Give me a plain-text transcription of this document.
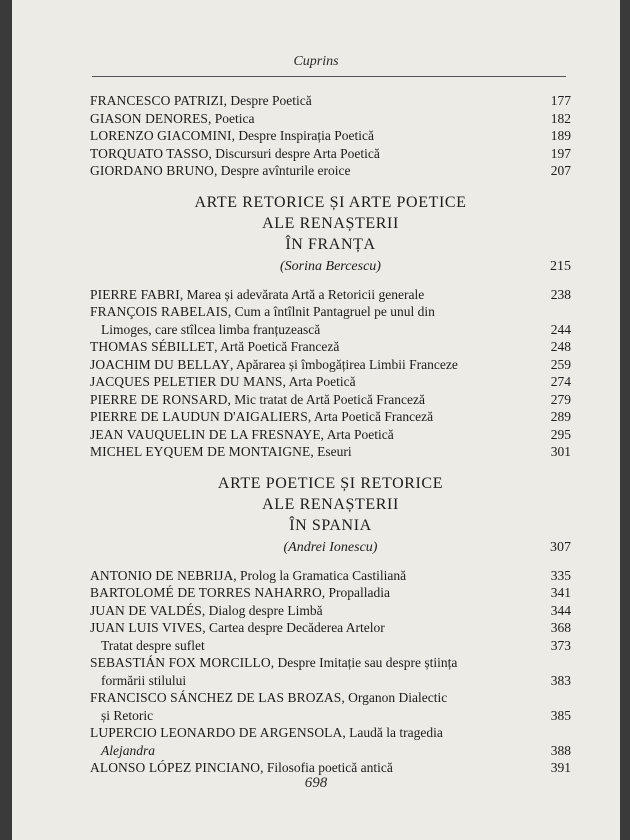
Cuprins
FRANCESCO PATRIZI, Despre Poetică	177
GIASON DENORES, Poetica	182
LORENZO GIACOMINI, Despre Inspirația Poetică	189
TORQUATO TASSO, Discursuri despre Arta Poetică	197
GIORDANO BRUNO, Despre avînturile eroice	207
ARTE RETORICE ȘI ARTE POETICE
ALE RENAȘTERII
ÎN FRANȚA
(Sorina Bercescu)	215
PIERRE FABRI, Marea și adevărata Artă a Retoricii generale	238
FRANÇOIS RABELAIS, Cum a întîlnit Pantagruel pe unul din
Limoges, care stîlcea limba franțuzească	244
THOMAS SÉBILLET, Artă Poetică Franceză	248
JOACHIM DU BELLAY, Apărarea și îmbogățirea Limbii Franceze	259
JACQUES PELETIER DU MANS, Arta Poetică	274
PIERRE DE RONSARD, Mic tratat de Artă Poetică Franceză	279
PIERRE DE LAUDUN D'AIGALIERS, Arta Poetică Franceză	289
JEAN VAUQUELIN DE LA FRESNAYE, Arta Poetică	295
MICHEL EYQUEM DE MONTAIGNE, Eseuri	301
ARTE POETICE ȘI RETORICE
ALE RENAȘTERII
ÎN SPANIA
(Andrei Ionescu)	307
ANTONIO DE NEBRIJA, Prolog la Gramatica Castiliană	335
BARTOLOMÉ DE TORRES NAHARRO, Propalladia	341
JUAN DE VALDÉS, Dialog despre Limbă	344
JUAN LUIS VIVES, Cartea despre Decăderea Artelor	368
Tratat despre suflet	373
SEBASTIÁN FOX MORCILLO, Despre Imitație sau despre știința
formării stilului	383
FRANCISCO SÁNCHEZ DE LAS BROZAS, Organon Dialectic
și Retoric	385
LUPERCIO LEONARDO DE ARGENSOLA, Laudă la tragedia
Alejandra	388
ALONSO LÓPEZ PINCIANO, Filosofia poetică antică	391
698
